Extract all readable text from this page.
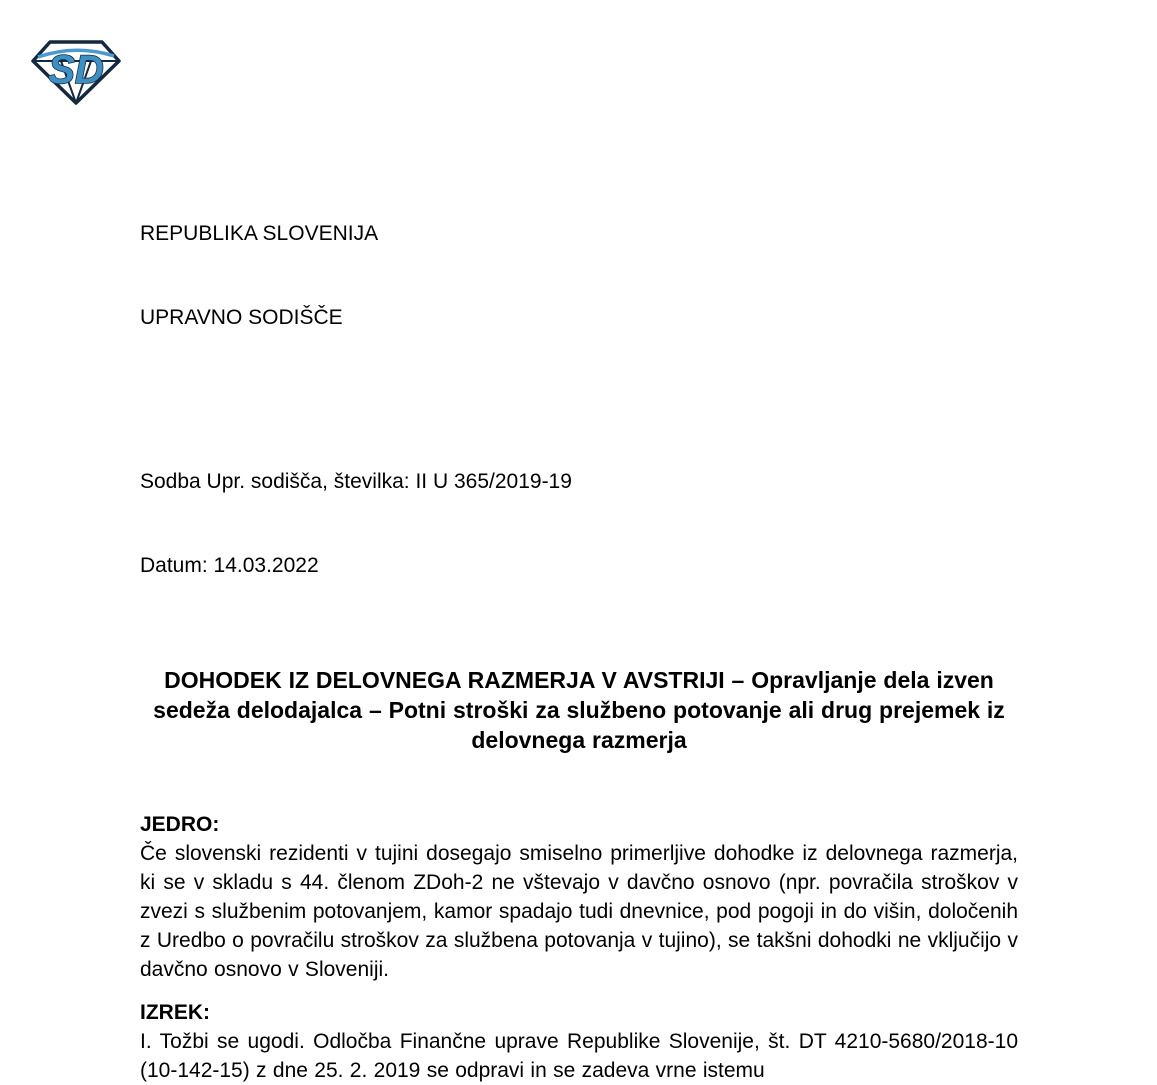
SD

REPUBLIKA SLOVENIJA

UPRAVNO SODIŠČE

Sodba Upr. sodišča, številka: II U 365/2019-19

Datum: 14.03.2022

DOHODEK IZ DELOVNEGA RAZMERJA V AVSTRIJI – Opravljanje dela izven sedeža delodajalca – Potni stroški za službeno potovanje ali drug prejemek iz delovnega razmerja
JEDRO:

Če slovenski rezidenti v tujini dosegajo smiselno primerljive dohodke iz delovnega razmerja, ki se v skladu s 44. členom ZDoh-2 ne vštevajo v davčno osnovo (npr. povračila stroškov v zvezi s službenim potovanjem, kamor spadajo tudi dnevnice, pod pogoji in do višin, določenih z Uredbo o povračilu stroškov za službena potovanja v tujino), se takšni dohodki ne vključijo v davčno osnovo v Sloveniji.

IZREK:

I. Tožbi se ugodi. Odločba Finančne uprave Republike Slovenije, št. DT 4210-5680/2018-10 (10-142-15) z dne 25. 2. 2019 se odpravi in se zadeva vrne istemu
